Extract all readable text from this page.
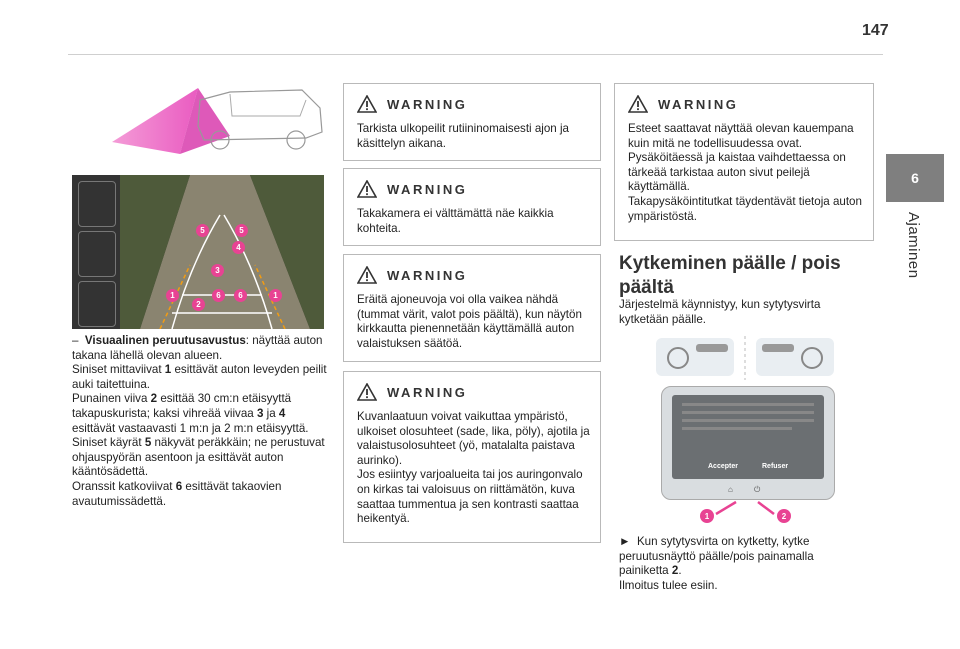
147
6
Ajaminen
5	5
4
3
1
2
6	6	1
– Visuaalinen peruutusavustus: näyttää auton takana lähellä olevan alueen.
Siniset mittaviivat 1 esittävät auton leveyden peilit auki taitettuina.
Punainen viiva 2 esittää 30 cm:n etäisyyttä takapuskurista; kaksi vihreää viivaa 3 ja 4 esittävät vastaavasti 1 m:n ja 2 m:n etäisyyttä.
Siniset käyrät 5 näkyvät peräkkäin; ne perustuvat ohjauspyörän asentoon ja esittävät auton kääntösädettä.
Oranssit katkoviivat 6 esittävät takaovien avautumissädettä.
WARNING
Tarkista ulkopeilit rutiininomaisesti ajon ja käsittelyn aikana.
WARNING
Takakamera ei välttämättä näe kaikkia kohteita.
WARNING
Eräitä ajoneuvoja voi olla vaikea nähdä (tummat värit, valot pois päältä), kun näytön kirkkautta pienennetään käyttämällä auton valaistuksen säätöä.
WARNING
Kuvanlaatuun voivat vaikuttaa ympäristö, ulkoiset olosuhteet (sade, lika, pöly), ajotila ja valaistusolosuhteet (yö, matalalta paistava aurinko).
Jos esiintyy varjoalueita tai jos auringonvalo on kirkas tai valoisuus on riittämätön, kuva saattaa tummentua ja sen kontrasti saattaa heikentyä.
WARNING
Esteet saattavat näyttää olevan kauempana kuin mitä ne todellisuudessa ovat.
Pysäköitäessä ja kaistaa vaihdettaessa on tärkeää tarkistaa auton sivut peilejä käyttämällä.
Takapysäköintitutkat täydentävät tietoja auton ympäristöstä.
Kytkeminen päälle / pois päältä
Järjestelmä käynnistyy, kun sytytysvirta kytketään päälle.
Accepter	Refuser
⌂	⏻
1	2
► Kun sytytysvirta on kytketty, kytke peruutusnäyttö päälle/pois painamalla painiketta 2.
Ilmoitus tulee esiin.
